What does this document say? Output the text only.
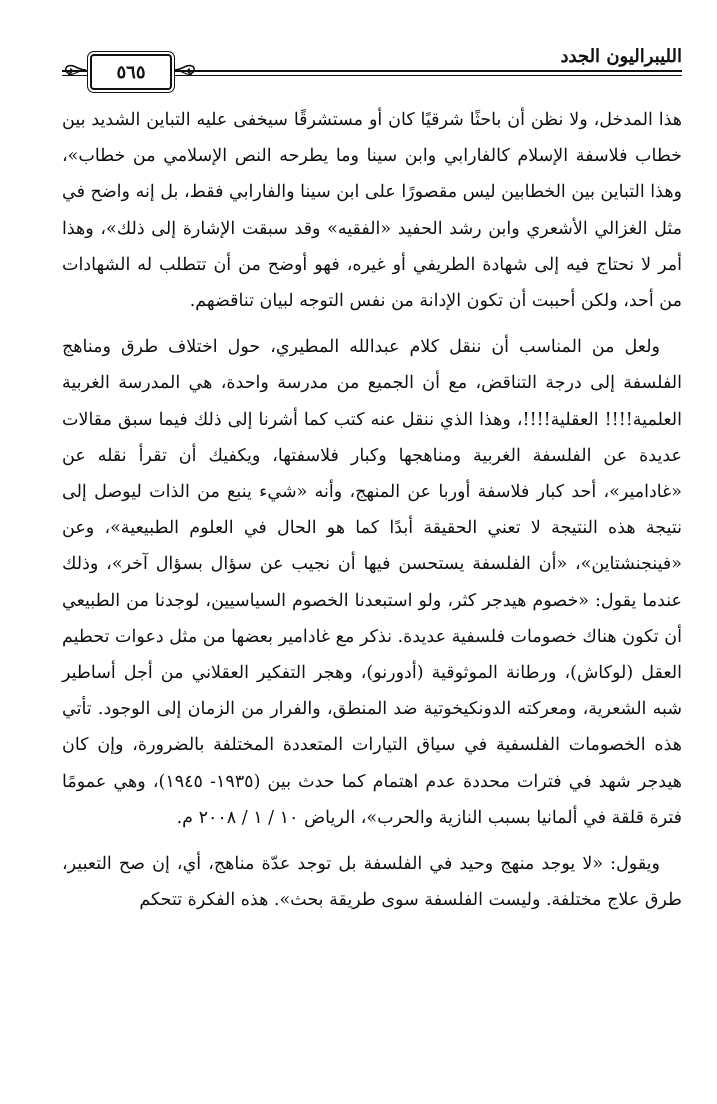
الليبراليون الجدد
٥٦٥

هذا المدخل، ولا نظن أن باحثًا شرقيًا كان أو مستشرقًا سيخفى عليه التباين الشديد بين خطاب فلاسفة الإسلام كالفارابي وابن سينا وما يطرحه النص الإسلامي من خطاب»، وهذا التباين بين الخطابين ليس مقصورًا على ابن سينا والفارابي فقط، بل إنه واضح في مثل الغزالي الأشعري وابن رشد الحفيد «الفقيه» وقد سبقت الإشارة إلى ذلك»، وهذا أمر لا نحتاج فيه إلى شهادة الطريفي أو غيره، فهو أوضح من أن تتطلب له الشهادات من أحد، ولكن أحببت أن تكون الإدانة من نفس التوجه لبيان تناقضهم.

ولعل من المناسب أن ننقل كلام عبدالله المطيري، حول اختلاف طرق ومناهج الفلسفة إلى درجة التناقض، مع أن الجميع من مدرسة واحدة، هي المدرسة الغربية العلمية!!!! العقلية!!!!، وهذا الذي ننقل عنه كتب كما أشرنا إلى ذلك فيما سبق مقالات عديدة عن الفلسفة الغربية ومناهجها وكبار فلاسفتها، ويكفيك أن تقرأ نقله عن «غادامير»، أحد كبار فلاسفة أوربا عن المنهج، وأنه «شيء ينبع من الذات ليوصل إلى نتيجة هذه النتيجة لا تعني الحقيقة أبدًا كما هو الحال في العلوم الطبيعية»، وعن «فينجنشتاين»، «أن الفلسفة يستحسن فيها أن نجيب عن سؤال بسؤال آخر»، وذلك عندما يقول: «خصوم هيدجر كثر، ولو استبعدنا الخصوم السياسيين، لوجدنا من الطبيعي أن تكون هناك خصومات فلسفية عديدة. نذكر مع غادامير بعضها من مثل دعوات تحطيم العقل (لوكاش)، ورطانة الموثوقية (أدورنو)، وهجر التفكير العقلاني من أجل أساطير شبه الشعرية، ومعركته الدونكيخوتية ضد المنطق، والفرار من الزمان إلى الوجود. تأتي هذه الخصومات الفلسفية في سياق التيارات المتعددة المختلفة بالضرورة، وإن كان هيدجر شهد في فترات محددة عدم اهتمام كما حدث بين (١٩٣٥- ١٩٤٥)، وهي عمومًا فترة قلقة في ألمانيا بسبب النازية والحرب»، الرياض ١٠ / ١ / ٢٠٠٨ م.

ويقول: «لا يوجد منهج وحيد في الفلسفة بل توجد عدّة مناهج، أي، إن صح التعبير، طرق علاج مختلفة. وليست الفلسفة سوى طريقة بحث». هذه الفكرة تتحكم
